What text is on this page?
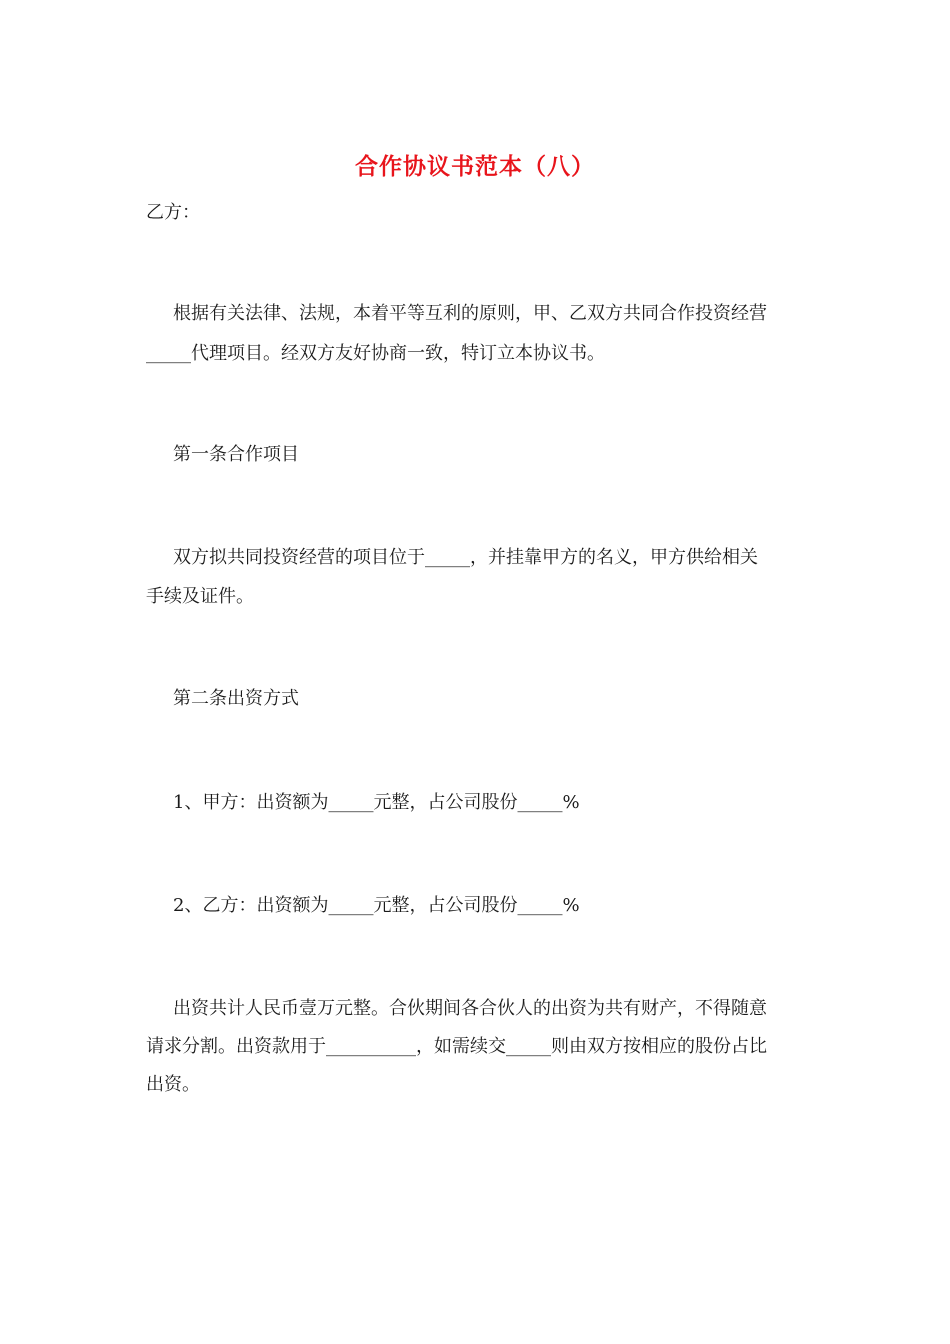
合作协议书范本（八）
乙方：
根据有关法律、法规，本着平等互利的原则，甲、乙双方共同合作投资经营
_____代理项目。经双方友好协商一致，特订立本协议书。
第一条合作项目
双方拟共同投资经营的项目位于_____，并挂靠甲方的名义，甲方供给相关
手续及证件。
第二条出资方式
1、甲方：出资额为_____元整，占公司股份_____%
2、乙方：出资额为_____元整，占公司股份_____%
出资共计人民币壹万元整。合伙期间各合伙人的出资为共有财产，不得随意
请求分割。出资款用于__________，如需续交_____则由双方按相应的股份占比
出资。
